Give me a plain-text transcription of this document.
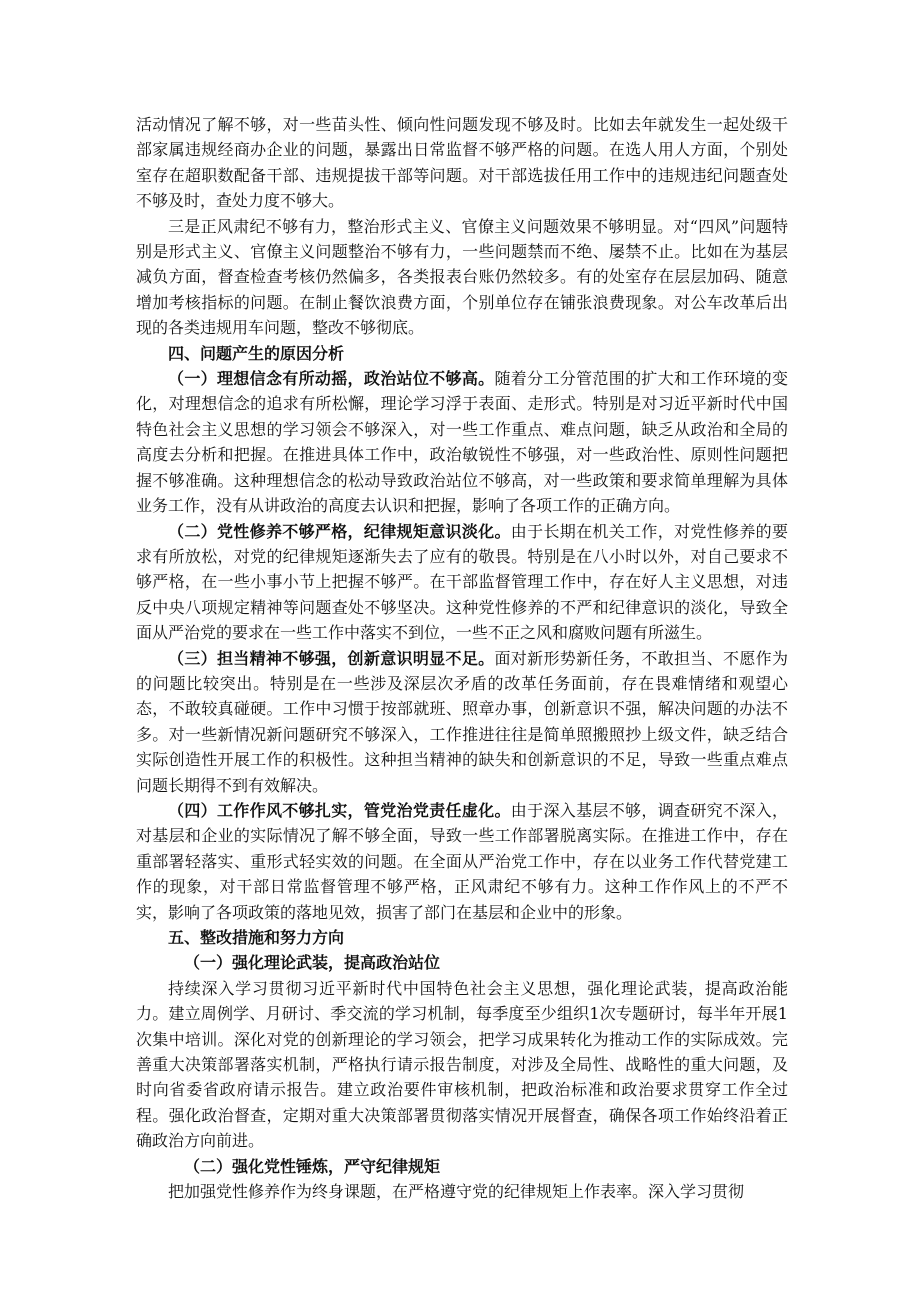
活动情况了解不够，对一些苗头性、倾向性问题发现不够及时。比如去年就发生一起处级干部家属违规经商办企业的问题，暴露出日常监督不够严格的问题。在选人用人方面，个别处室存在超职数配备干部、违规提拔干部等问题。对干部选拔任用工作中的违规违纪问题查处不够及时，查处力度不够大。

三是正风肃纪不够有力，整治形式主义、官僚主义问题效果不够明显。对“四风”问题特别是形式主义、官僚主义问题整治不够有力，一些问题禁而不绝、屡禁不止。比如在为基层减负方面，督查检查考核仍然偏多，各类报表台账仍然较多。有的处室存在层层加码、随意增加考核指标的问题。在制止餐饮浪费方面，个别单位存在铺张浪费现象。对公车改革后出现的各类违规用车问题，整改不够彻底。

四、问题产生的原因分析

（一）理想信念有所动摇，政治站位不够高。随着分工分管范围的扩大和工作环境的变化，对理想信念的追求有所松懈，理论学习浮于表面、走形式。特别是对习近平新时代中国特色社会主义思想的学习领会不够深入，对一些工作重点、难点问题，缺乏从政治和全局的高度去分析和把握。在推进具体工作中，政治敏锐性不够强，对一些政治性、原则性问题把握不够准确。这种理想信念的松动导致政治站位不够高，对一些政策和要求简单理解为具体业务工作，没有从讲政治的高度去认识和把握，影响了各项工作的正确方向。

（二）党性修养不够严格，纪律规矩意识淡化。由于长期在机关工作，对党性修养的要求有所放松，对党的纪律规矩逐渐失去了应有的敬畏。特别是在八小时以外，对自己要求不够严格，在一些小事小节上把握不够严。在干部监督管理工作中，存在好人主义思想，对违反中央八项规定精神等问题查处不够坚决。这种党性修养的不严和纪律意识的淡化，导致全面从严治党的要求在一些工作中落实不到位，一些不正之风和腐败问题有所滋生。

（三）担当精神不够强，创新意识明显不足。面对新形势新任务，不敢担当、不愿作为的问题比较突出。特别是在一些涉及深层次矛盾的改革任务面前，存在畏难情绪和观望心态，不敢较真碰硬。工作中习惯于按部就班、照章办事，创新意识不强，解决问题的办法不多。对一些新情况新问题研究不够深入，工作推进往往是简单照搬照抄上级文件，缺乏结合实际创造性开展工作的积极性。这种担当精神的缺失和创新意识的不足，导致一些重点难点问题长期得不到有效解决。

（四）工作作风不够扎实，管党治党责任虚化。由于深入基层不够，调查研究不深入，对基层和企业的实际情况了解不够全面，导致一些工作部署脱离实际。在推进工作中，存在重部署轻落实、重形式轻实效的问题。在全面从严治党工作中，存在以业务工作代替党建工作的现象，对干部日常监督管理不够严格，正风肃纪不够有力。这种工作作风上的不严不实，影响了各项政策的落地见效，损害了部门在基层和企业中的形象。

五、整改措施和努力方向

（一）强化理论武装，提高政治站位

持续深入学习贯彻习近平新时代中国特色社会主义思想，强化理论武装，提高政治能力。建立周例学、月研讨、季交流的学习机制，每季度至少组织1次专题研讨，每半年开展1次集中培训。深化对党的创新理论的学习领会，把学习成果转化为推动工作的实际成效。完善重大决策部署落实机制，严格执行请示报告制度，对涉及全局性、战略性的重大问题，及时向省委省政府请示报告。建立政治要件审核机制，把政治标准和政治要求贯穿工作全过程。强化政治督查，定期对重大决策部署贯彻落实情况开展督查，确保各项工作始终沿着正确政治方向前进。

（二）强化党性锤炼，严守纪律规矩

把加强党性修养作为终身课题，在严格遵守党的纪律规矩上作表率。深入学习贯彻
